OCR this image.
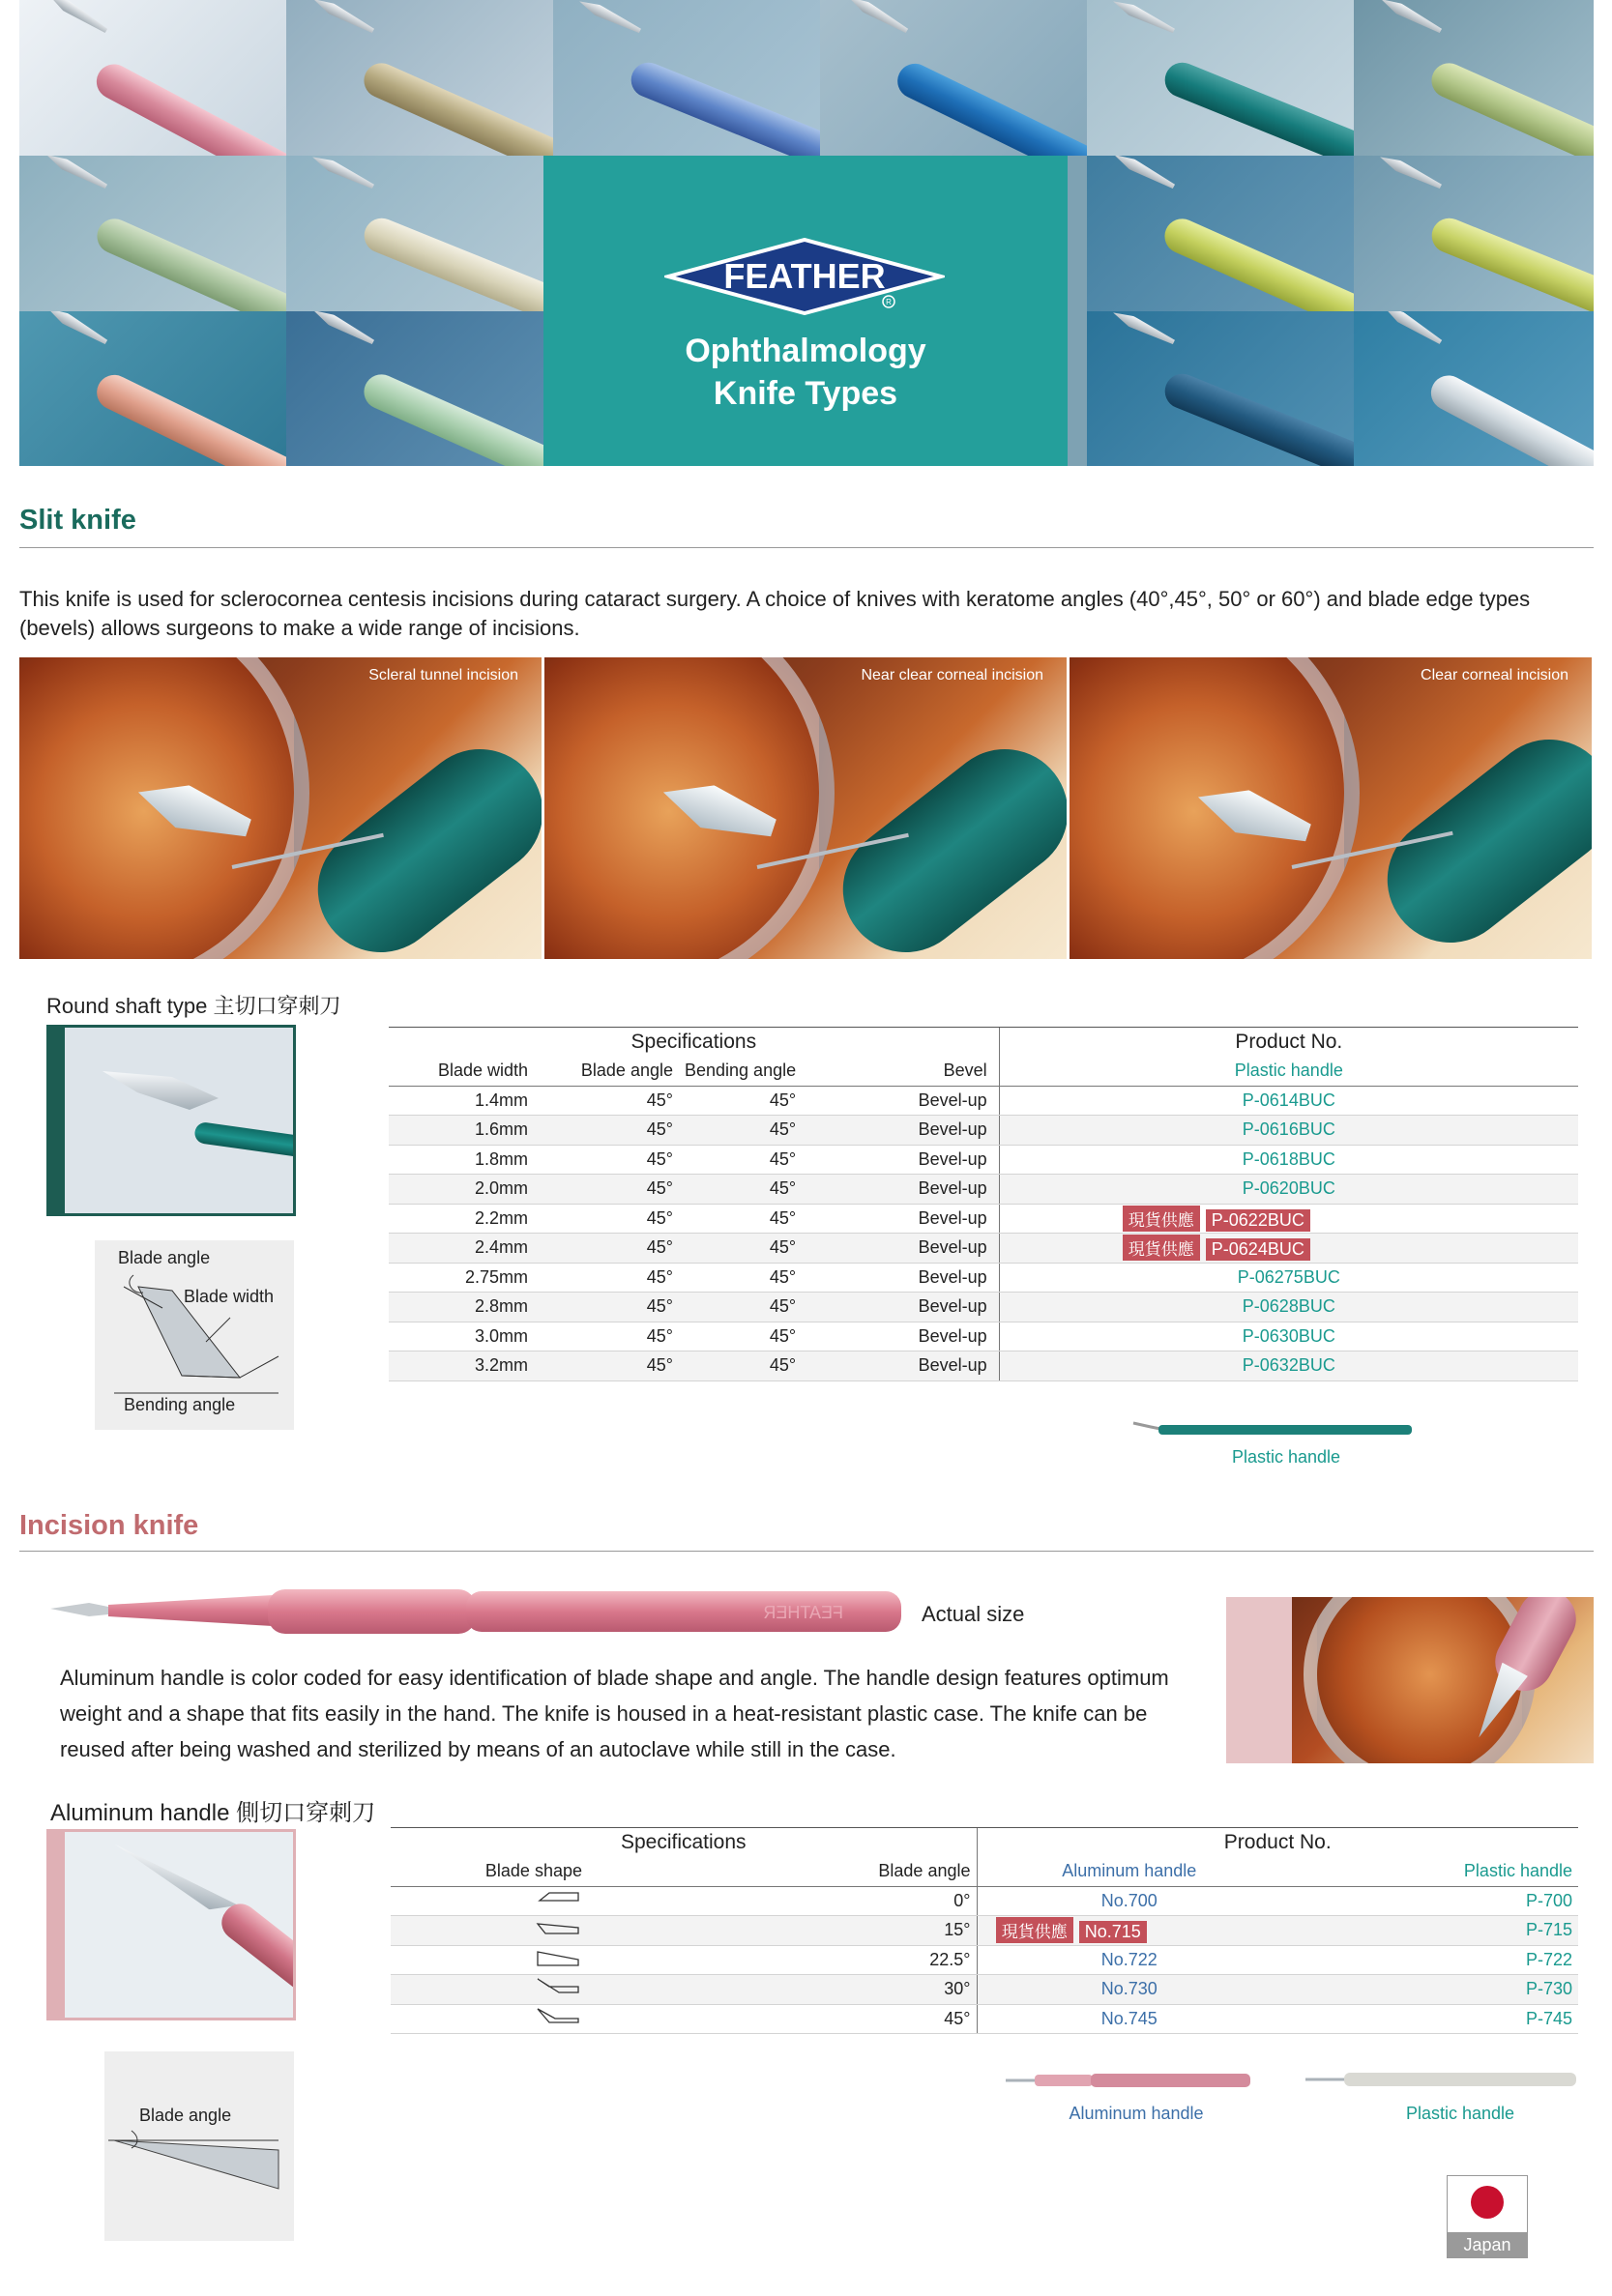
FEATHER
R
Ophthalmology
Knife Types
Slit knife
This knife is used for sclerocornea centesis incisions during cataract surgery. A choice of knives with keratome angles (40°,45°, 50° or 60°) and blade edge types (bevels) allows surgeons to make a wide range of incisions.
Scleral tunnel incision	Near clear corneal incision	Clear corneal incision
Round shaft type 主切口穿刺刀
Blade angle
Blade width
Bending angle
Specifications				Product No.
Blade width	Blade angle	Bending angle	Bevel	Plastic handle
1.4mm	45°	45°	Bevel-up	P-0614BUC
1.6mm	45°	45°	Bevel-up	P-0616BUC
1.8mm	45°	45°	Bevel-up	P-0618BUC
2.0mm	45°	45°	Bevel-up	P-0620BUC
2.2mm	45°	45°	Bevel-up	現貨供應 P-0622BUC
2.4mm	45°	45°	Bevel-up	現貨供應 P-0624BUC
2.75mm	45°	45°	Bevel-up	P-06275BUC
2.8mm	45°	45°	Bevel-up	P-0628BUC
3.0mm	45°	45°	Bevel-up	P-0630BUC
3.2mm	45°	45°	Bevel-up	P-0632BUC
Plastic handle
Incision knife
FEATHER	Actual size
Aluminum handle is color coded for easy identification of blade shape and angle. The handle design features optimum weight and a shape that fits easily in the hand. The knife is housed in a heat-resistant plastic case. The knife can be reused after being washed and sterilized by means of an autoclave while still in the case.
Aluminum handle 側切口穿刺刀
Blade angle
Specifications		Product No.	
Blade shape	Blade angle	Aluminum handle	Plastic handle
	0°	No.700	P-700
	15°	現貨供應 No.715	P-715
	22.5°	No.722	P-722
	30°	No.730	P-730
	45°	No.745	P-745
Aluminum handle	Plastic handle
Japan
